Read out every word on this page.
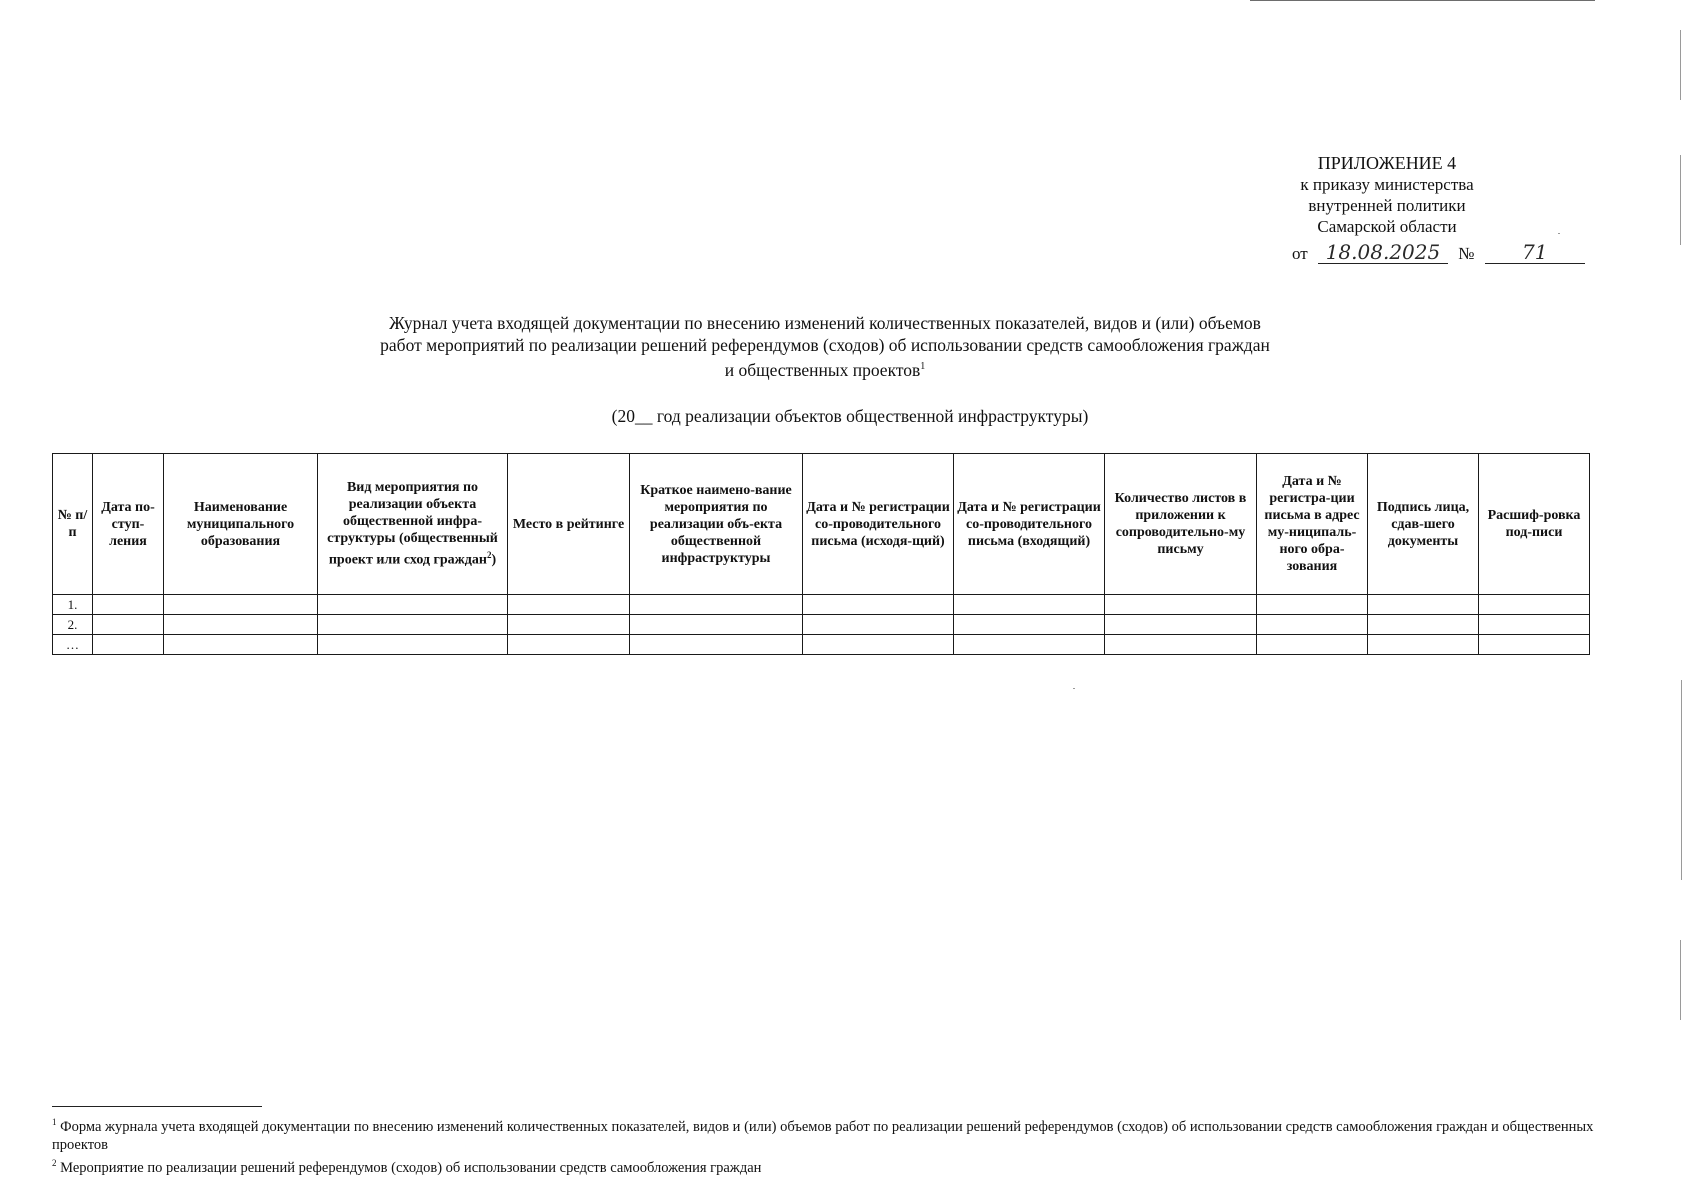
ПРИЛОЖЕНИЕ 4
к приказу министерства
внутренней политики
Самарской области
от 18.08.2025 № 71
Журнал учета входящей документации по внесению изменений количественных показателей, видов и (или) объемов
работ мероприятий по реализации решений референдумов (сходов) об использовании средств самообложения граждан
и общественных проектов$^1$
(20__ год реализации объектов общественной инфраструктуры)
№ п/п	Дата по-ступ-ления	Наименование муниципального образования	Вид мероприятия по реализации объекта общественной инфра-структуры (общественный проект или сход граждан$^2$)	Место в рейтинге	Краткое наимено-вание мероприятия по реализации объ-екта общественной инфраструктуры	Дата и № регистрации со-проводительного письма (исходя-щий)	Дата и № регистрации со-проводительного письма (входящий)	Количество листов в приложении к сопроводительно-му письму	Дата и № регистра-ции письма в адрес му-ниципаль-ного обра-зования	Подпись лица, сдав-шего документы	Расшиф-ровка под-писи
1.											
2.											
…											

$^1$ Форма журнала учета входящей документации по внесению изменений количественных показателей, видов и (или) объемов работ по реализации решений референдумов (сходов) об использовании средств самообложения граждан и общественных проектов

$^2$ Мероприятие по реализации решений референдумов (сходов) об использовании средств самообложения граждан
